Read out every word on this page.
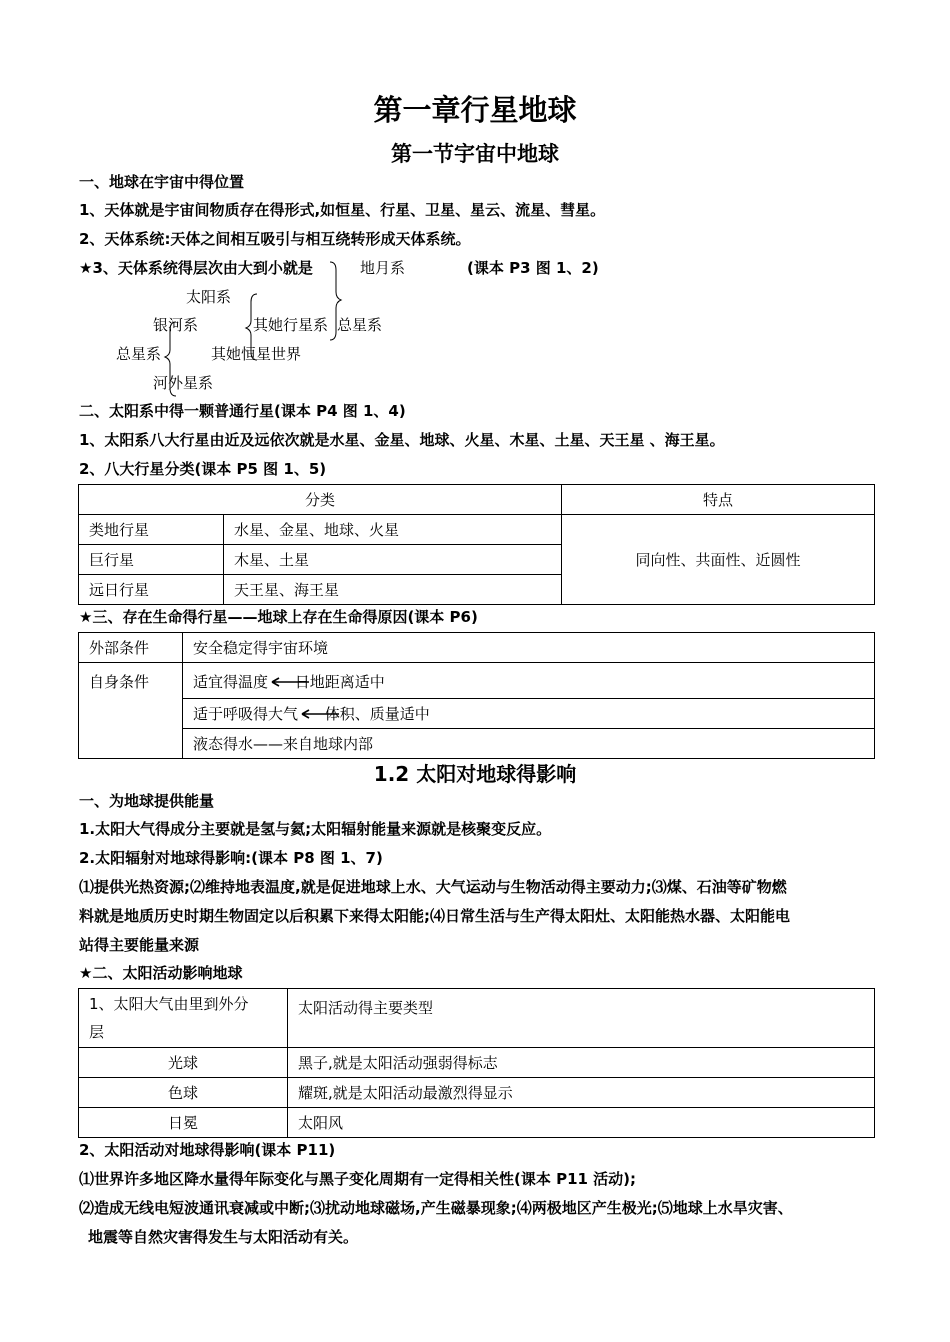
第一章行星地球
第一节宇宙中地球
一、地球在宇宙中得位置
1、天体就是宇宙间物质存在得形式,如恒星、行星、卫星、星云、流星、彗星。
2、天体系统:天体之间相互吸引与相互绕转形成天体系统。
★3、天体系统得层次由大到小就是	地月系	(课本 P3 图 1、2)
太阳系
银河系	其她行星系 总星系
总星系	其她恒星世界
河外星系
二、太阳系中得一颗普通行星(课本 P4 图 1、4)
1、太阳系八大行星由近及远依次就是水星、金星、地球、火星、木星、土星、天王星 、海王星。
2、八大行星分类(课本 P5 图 1、5)
分类		特点
类地行星	水星、金星、地球、火星	同向性、共面性、近圆性
巨行星	木星、土星	
远日行星	天王星、海王星	
★三、存在生命得行星——地球上存在生命得原因(课本 P6)
外部条件	安全稳定得宇宙环境
自身条件	适宜得温度 日地距离适中
	适于呼吸得大气 体积、质量适中
	液态得水——来自地球内部
1.2 太阳对地球得影响
一、为地球提供能量
1.太阳大气得成分主要就是氢与氦;太阳辐射能量来源就是核聚变反应。
2.太阳辐射对地球得影响:(课本 P8 图 1、7)
⑴提供光热资源;⑵维持地表温度,就是促进地球上水、大气运动与生物活动得主要动力;⑶煤、石油等矿物燃
料就是地质历史时期生物固定以后积累下来得太阳能;⑷日常生活与生产得太阳灶、太阳能热水器、太阳能电
站得主要能量来源
★二、太阳活动影响地球
1、太阳大气由里到外分
层	太阳活动得主要类型
光球	黑子,就是太阳活动强弱得标志
色球	耀斑,就是太阳活动最激烈得显示
日冕	太阳风
2、太阳活动对地球得影响(课本 P11)
⑴世界许多地区降水量得年际变化与黑子变化周期有一定得相关性(课本 P11 活动);
⑵造成无线电短波通讯衰减或中断;⑶扰动地球磁场,产生磁暴现象;⑷两极地区产生极光;⑸地球上水旱灾害、
地震等自然灾害得发生与太阳活动有关。
